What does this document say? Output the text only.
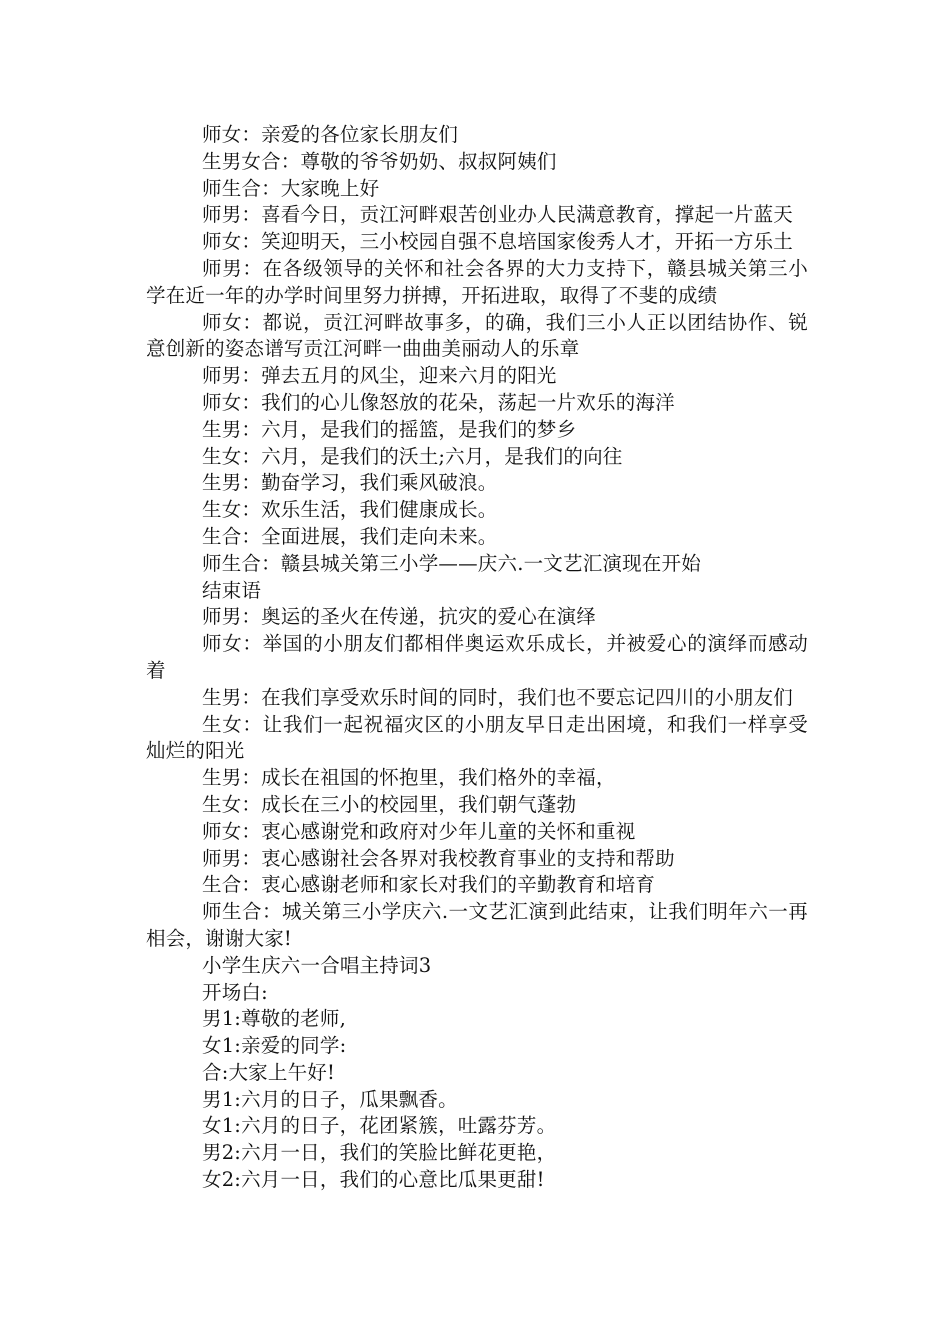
师女：亲爱的各位家长朋友们

生男女合：尊敬的爷爷奶奶、叔叔阿姨们

师生合：大家晚上好

师男：喜看今日，贡江河畔艰苦创业办人民满意教育，撑起一片蓝天

师女：笑迎明天，三小校园自强不息培国家俊秀人才，开拓一方乐土

师男：在各级领导的关怀和社会各界的大力支持下，赣县城关第三小学在近一年的办学时间里努力拼搏，开拓进取，取得了不斐的成绩

师女：都说，贡江河畔故事多，的确，我们三小人正以团结协作、锐意创新的姿态谱写贡江河畔一曲曲美丽动人的乐章

师男：弹去五月的风尘，迎来六月的阳光

师女：我们的心儿像怒放的花朵，荡起一片欢乐的海洋

生男：六月，是我们的摇篮，是我们的梦乡

生女：六月，是我们的沃土;六月，是我们的向往

生男：勤奋学习，我们乘风破浪。

生女：欢乐生活，我们健康成长。

生合：全面进展，我们走向未来。

师生合：赣县城关第三小学——庆六.一文艺汇演现在开始

结束语

师男：奥运的圣火在传递，抗灾的爱心在演绎

师女：举国的小朋友们都相伴奥运欢乐成长，并被爱心的演绎而感动着

生男：在我们享受欢乐时间的同时，我们也不要忘记四川的小朋友们

生女：让我们一起祝福灾区的小朋友早日走出困境，和我们一样享受灿烂的阳光

生男：成长在祖国的怀抱里，我们格外的幸福，

生女：成长在三小的校园里，我们朝气蓬勃

师女：衷心感谢党和政府对少年儿童的关怀和重视

师男：衷心感谢社会各界对我校教育事业的支持和帮助

生合：衷心感谢老师和家长对我们的辛勤教育和培育

师生合：城关第三小学庆六.一文艺汇演到此结束，让我们明年六一再相会，谢谢大家!

小学生庆六一合唱主持词3

开场白:

男1:尊敬的老师,

女1:亲爱的同学:

合:大家上午好!

男1:六月的日子，瓜果飘香。

女1:六月的日子，花团紧簇，吐露芬芳。

男2:六月一日，我们的笑脸比鲜花更艳，

女2:六月一日，我们的心意比瓜果更甜!
